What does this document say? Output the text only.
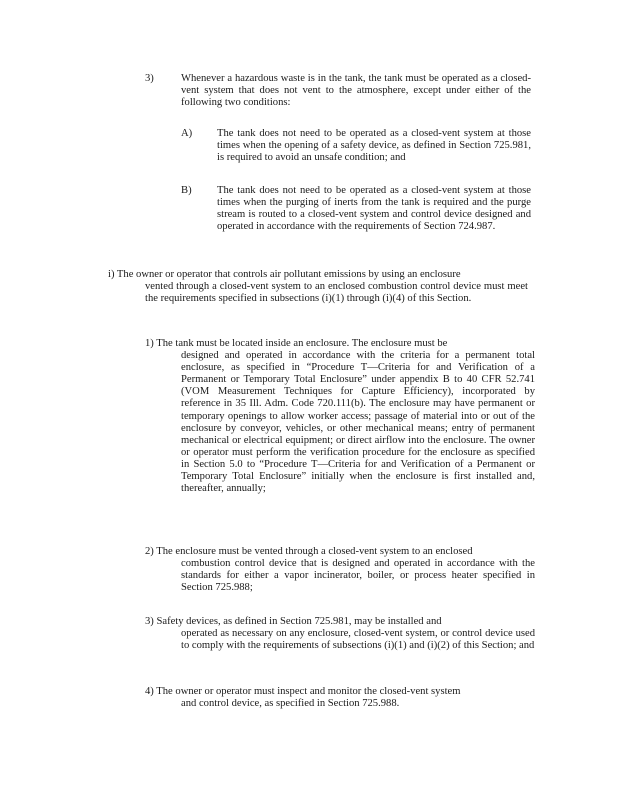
3)	Whenever a hazardous waste is in the tank, the tank must be operated as a closed-vent system that does not vent to the atmosphere, except under either of the following two conditions:
A) The tank does not need to be operated as a closed-vent system at those times when the opening of a safety device, as defined in Section 725.981, is required to avoid an unsafe condition; and
B) The tank does not need to be operated as a closed-vent system at those times when the purging of inerts from the tank is required and the purge stream is routed to a closed-vent system and control device designed and operated in accordance with the requirements of Section 724.987.
i) The owner or operator that controls air pollutant emissions by using an enclosure
vented through a closed-vent system to an enclosed combustion control device must meet the requirements specified in subsections (i)(1) through (i)(4) of this Section.
1) The tank must be located inside an enclosure. The enclosure must be
designed and operated in accordance with the criteria for a permanent total enclosure, as specified in “Procedure T—Criteria for and Verification of a Permanent or Temporary Total Enclosure” under appendix B to 40 CFR 52.741 (VOM Measurement Techniques for Capture Efficiency), incorporated by reference in 35 Ill. Adm. Code 720.111(b). The enclosure may have permanent or temporary openings to allow worker access; passage of material into or out of the enclosure by conveyor, vehicles, or other mechanical means; entry of permanent mechanical or electrical equipment; or direct airflow into the enclosure. The owner or operator must perform the verification procedure for the enclosure as specified in Section 5.0 to “Procedure T—Criteria for and Verification of a Permanent or Temporary Total Enclosure” initially when the enclosure is first installed and, thereafter, annually;
2) The enclosure must be vented through a closed-vent system to an enclosed
combustion control device that is designed and operated in accordance with the standards for either a vapor incinerator, boiler, or process heater specified in Section 725.988;
3) Safety devices, as defined in Section 725.981, may be installed and
operated as necessary on any enclosure, closed-vent system, or control device used to comply with the requirements of subsections (i)(1) and (i)(2) of this Section; and
4) The owner or operator must inspect and monitor the closed-vent system
and control device, as specified in Section 725.988.
